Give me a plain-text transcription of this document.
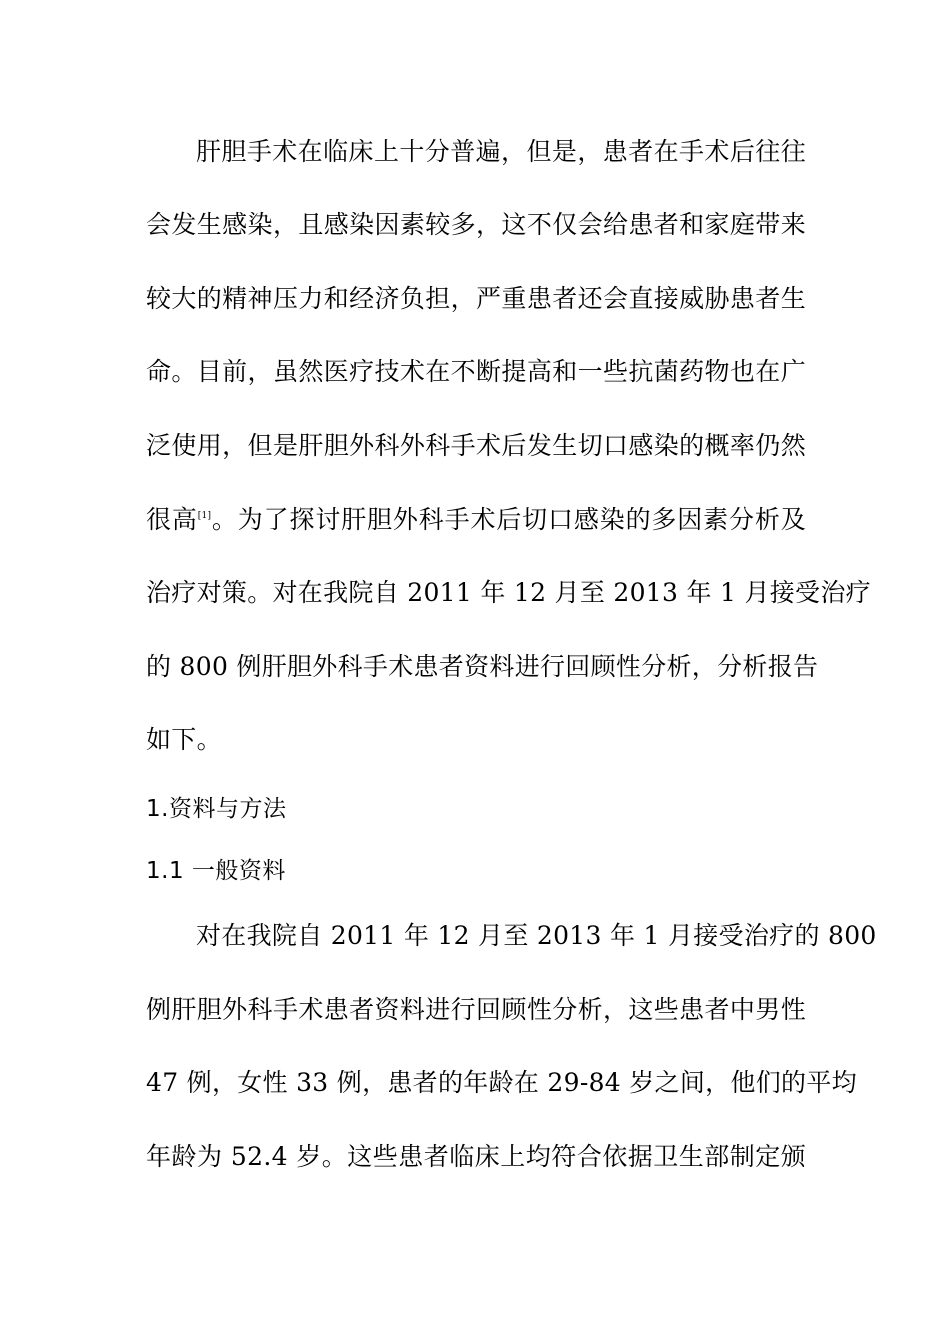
肝胆手术在临床上十分普遍，但是，患者在手术后往往
会发生感染，且感染因素较多，这不仅会给患者和家庭带来
较大的精神压力和经济负担，严重患者还会直接威胁患者生
命。目前，虽然医疗技术在不断提高和一些抗菌药物也在广
泛使用，但是肝胆外科外科手术后发生切口感染的概率仍然
很高[1]。为了探讨肝胆外科手术后切口感染的多因素分析及
治疗对策。对在我院自 2011 年 12 月至 2013 年 1 月接受治疗
的 800 例肝胆外科手术患者资料进行回顾性分析，分析报告
如下。
1.资料与方法
1.1 一般资料
对在我院自 2011 年 12 月至 2013 年 1 月接受治疗的 800
例肝胆外科手术患者资料进行回顾性分析，这些患者中男性
47 例，女性 33 例，患者的年龄在 29-84 岁之间，他们的平均
年龄为 52.4 岁。这些患者临床上均符合依据卫生部制定颁
